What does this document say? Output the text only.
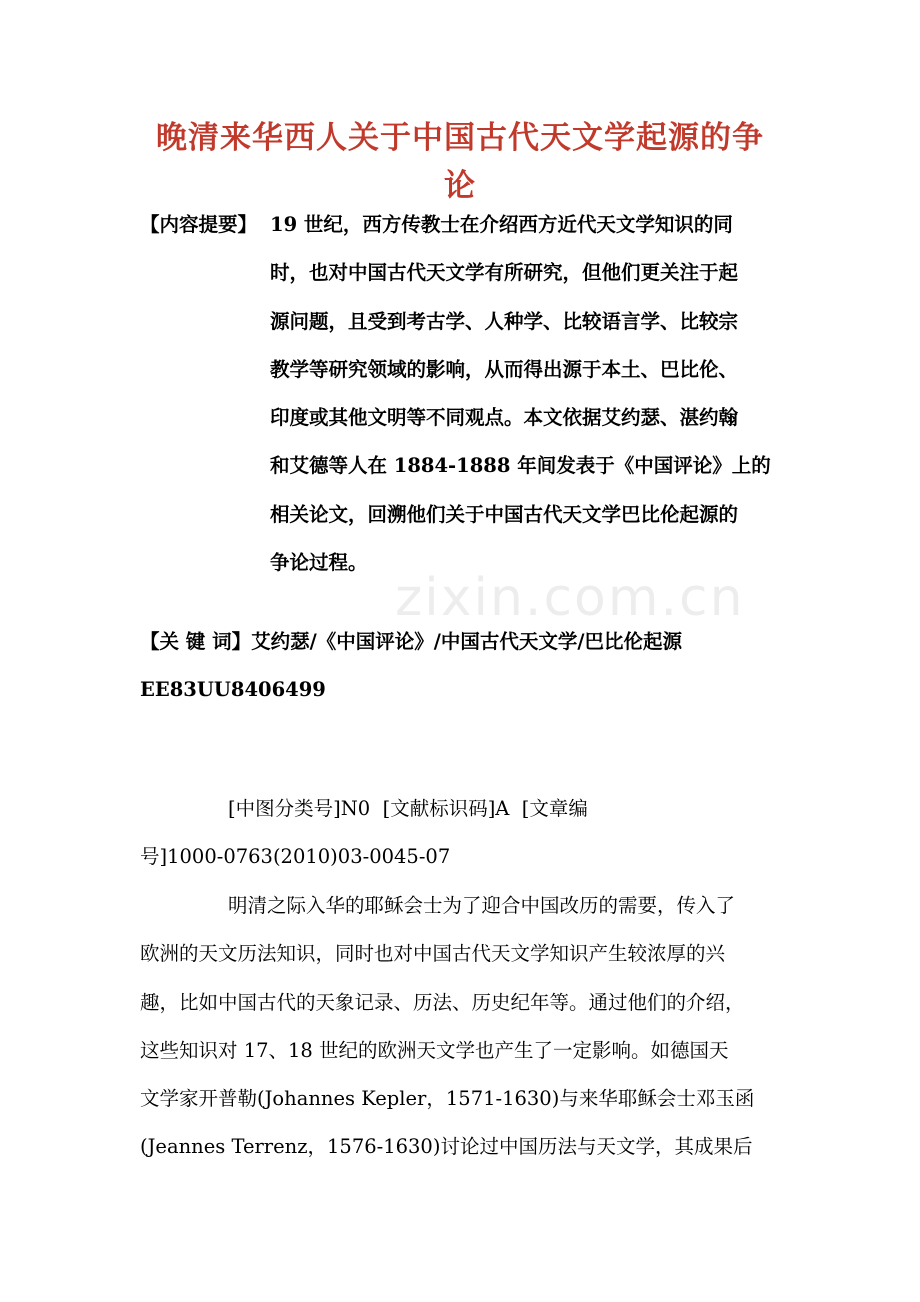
晚清来华西人关于中国古代天文学起源的争
论
【内容提要】 19 世纪，西方传教士在介绍西方近代天文学知识的同
时，也对中国古代天文学有所研究，但他们更关注于起
源问题，且受到考古学、人种学、比较语言学、比较宗
教学等研究领域的影响，从而得出源于本土、巴比伦、
印度或其他文明等不同观点。本文依据艾约瑟、湛约翰
和艾德等人在 1884-1888 年间发表于《中国评论》上的
相关论文，回溯他们关于中国古代天文学巴比伦起源的
争论过程。
zixin.com.cn
【关 键 词】艾约瑟/《中国评论》/中国古代天文学/巴比伦起源
EE83UU8406499
[中图分类号]N0  [文献标识码]A  [文章编
号]1000-0763(2010)03-0045-07
明清之际入华的耶稣会士为了迎合中国改历的需要，传入了
欧洲的天文历法知识，同时也对中国古代天文学知识产生较浓厚的兴
趣，比如中国古代的天象记录、历法、历史纪年等。通过他们的介绍，
这些知识对 17、18 世纪的欧洲天文学也产生了一定影响。如德国天
文学家开普勒(Johannes Kepler，1571-1630)与来华耶稣会士邓玉函
(Jeannes Terrenz，1576-1630)讨论过中国历法与天文学，其成果后
